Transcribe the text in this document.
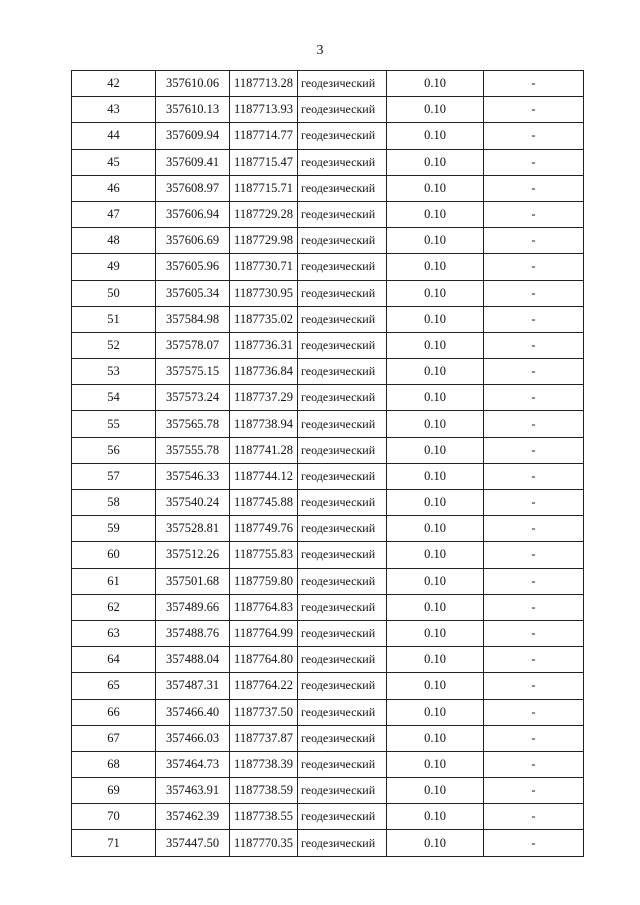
3
42	357610.06	1187713.28	геодезический	0.10	-
43	357610.13	1187713.93	геодезический	0.10	-
44	357609.94	1187714.77	геодезический	0.10	-
45	357609.41	1187715.47	геодезический	0.10	-
46	357608.97	1187715.71	геодезический	0.10	-
47	357606.94	1187729.28	геодезический	0.10	-
48	357606.69	1187729.98	геодезический	0.10	-
49	357605.96	1187730.71	геодезический	0.10	-
50	357605.34	1187730.95	геодезический	0.10	-
51	357584.98	1187735.02	геодезический	0.10	-
52	357578.07	1187736.31	геодезический	0.10	-
53	357575.15	1187736.84	геодезический	0.10	-
54	357573.24	1187737.29	геодезический	0.10	-
55	357565.78	1187738.94	геодезический	0.10	-
56	357555.78	1187741.28	геодезический	0.10	-
57	357546.33	1187744.12	геодезический	0.10	-
58	357540.24	1187745.88	геодезический	0.10	-
59	357528.81	1187749.76	геодезический	0.10	-
60	357512.26	1187755.83	геодезический	0.10	-
61	357501.68	1187759.80	геодезический	0.10	-
62	357489.66	1187764.83	геодезический	0.10	-
63	357488.76	1187764.99	геодезический	0.10	-
64	357488.04	1187764.80	геодезический	0.10	-
65	357487.31	1187764.22	геодезический	0.10	-
66	357466.40	1187737.50	геодезический	0.10	-
67	357466.03	1187737.87	геодезический	0.10	-
68	357464.73	1187738.39	геодезический	0.10	-
69	357463.91	1187738.59	геодезический	0.10	-
70	357462.39	1187738.55	геодезический	0.10	-
71	357447.50	1187770.35	геодезический	0.10	-
